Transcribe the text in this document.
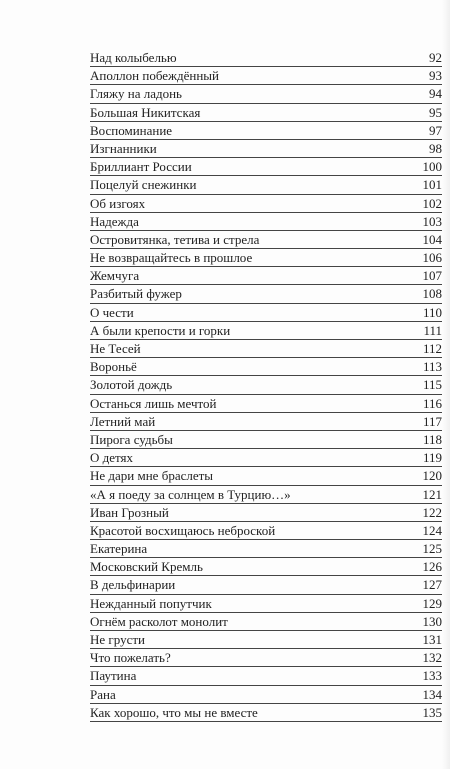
Над колыбелью	92
Аполлон побеждённый	93
Гляжу на ладонь	94
Большая Никитская	95
Воспоминание	97
Изгнанники	98
Бриллиант России	100
Поцелуй снежинки	101
Об изгоях	102
Надежда	103
Островитянка, тетива и стрела	104
Не возвращайтесь в прошлое	106
Жемчуга	107
Разбитый фужер	108
О чести	110
А были крепости и горки	111
Не Тесей	112
Вороньё	113
Золотой дождь	115
Останься лишь мечтой	116
Летний май	117
Пирога судьбы	118
О детях	119
Не дари мне браслеты	120
«А я поеду за солнцем в Турцию…»	121
Иван Грозный	122
Красотой восхищаюсь неброской	124
Екатерина	125
Московский Кремль	126
В дельфинарии	127
Нежданный попутчик	129
Огнём расколот монолит	130
Не грусти	131
Что пожелать?	132
Паутина	133
Рана	134
Как хорошо, что мы не вместе	135
